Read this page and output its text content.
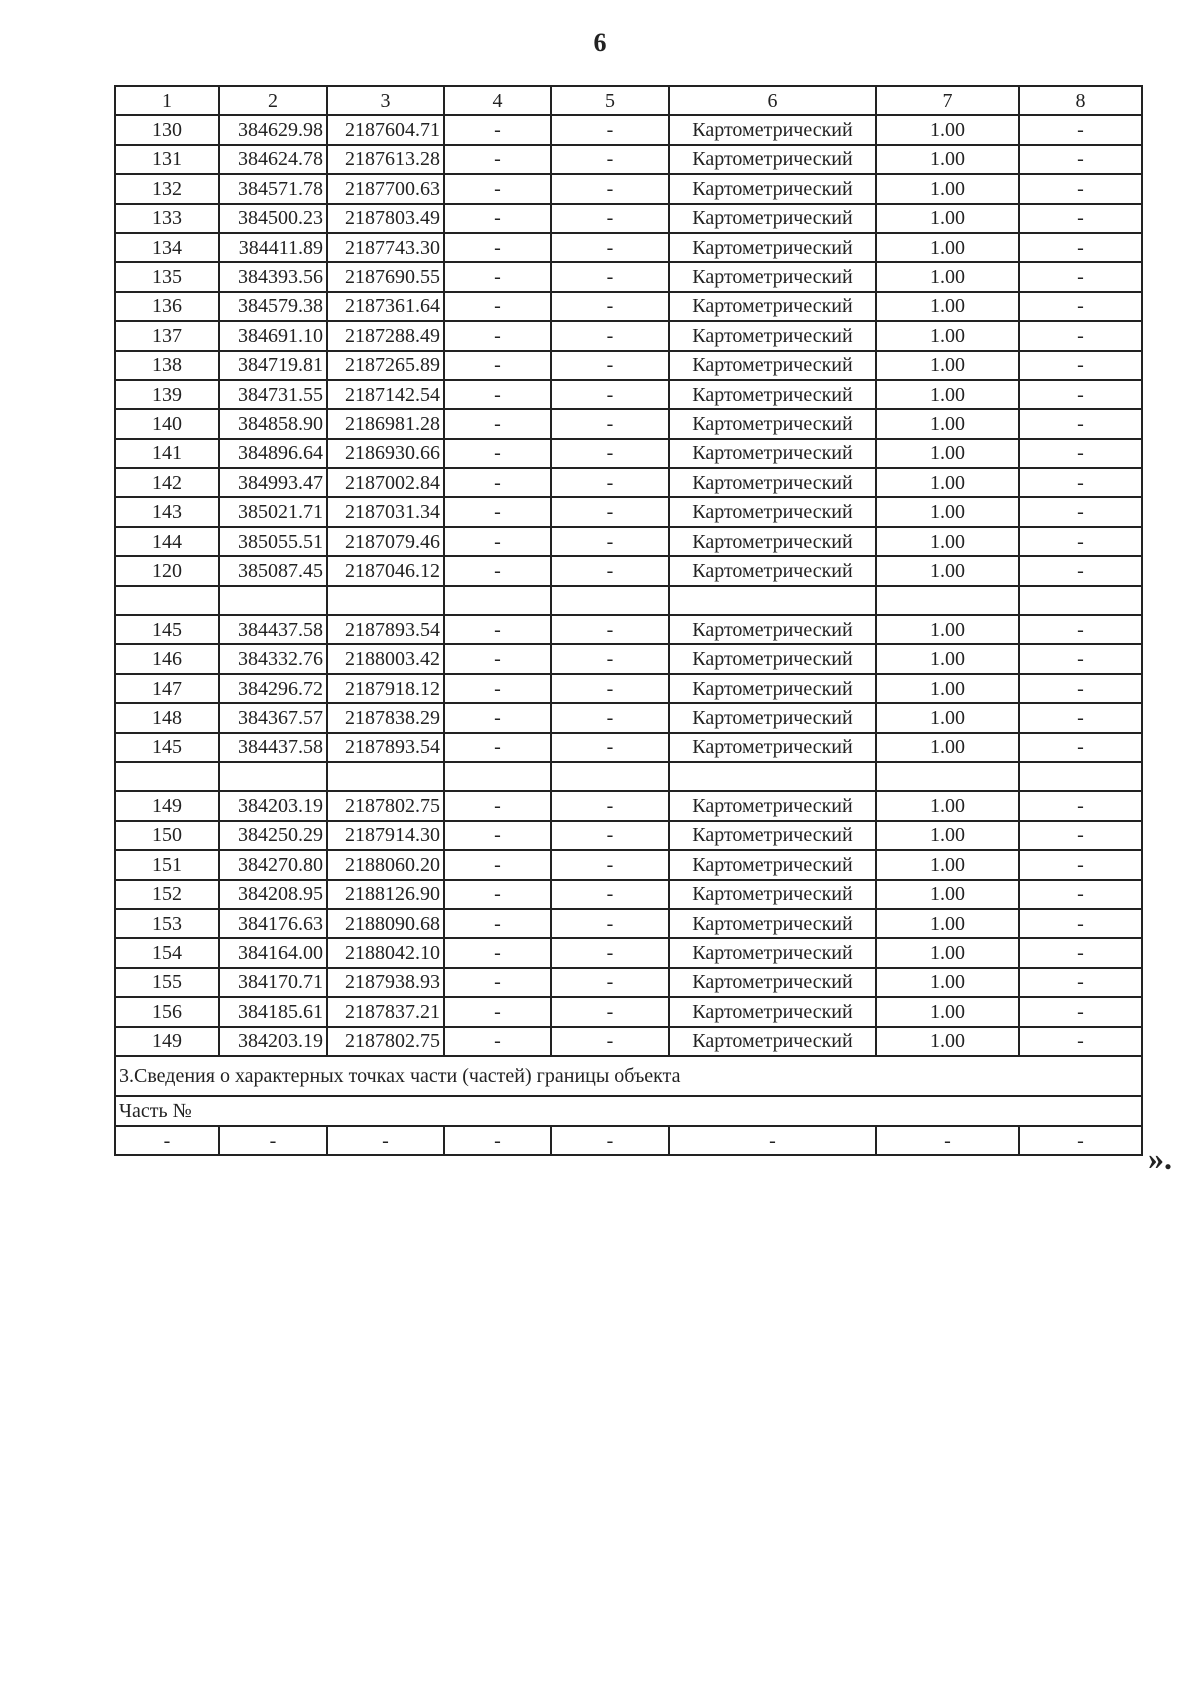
6
1	2	3	4	5	6	7	8
130	384629.98	2187604.71	-	-	Картометрический	1.00	-
131	384624.78	2187613.28	-	-	Картометрический	1.00	-
132	384571.78	2187700.63	-	-	Картометрический	1.00	-
133	384500.23	2187803.49	-	-	Картометрический	1.00	-
134	384411.89	2187743.30	-	-	Картометрический	1.00	-
135	384393.56	2187690.55	-	-	Картометрический	1.00	-
136	384579.38	2187361.64	-	-	Картометрический	1.00	-
137	384691.10	2187288.49	-	-	Картометрический	1.00	-
138	384719.81	2187265.89	-	-	Картометрический	1.00	-
139	384731.55	2187142.54	-	-	Картометрический	1.00	-
140	384858.90	2186981.28	-	-	Картометрический	1.00	-
141	384896.64	2186930.66	-	-	Картометрический	1.00	-
142	384993.47	2187002.84	-	-	Картометрический	1.00	-
143	385021.71	2187031.34	-	-	Картометрический	1.00	-
144	385055.51	2187079.46	-	-	Картометрический	1.00	-
120	385087.45	2187046.12	-	-	Картометрический	1.00	-

145	384437.58	2187893.54	-	-	Картометрический	1.00	-
146	384332.76	2188003.42	-	-	Картометрический	1.00	-
147	384296.72	2187918.12	-	-	Картометрический	1.00	-
148	384367.57	2187838.29	-	-	Картометрический	1.00	-
145	384437.58	2187893.54	-	-	Картометрический	1.00	-

149	384203.19	2187802.75	-	-	Картометрический	1.00	-
150	384250.29	2187914.30	-	-	Картометрический	1.00	-
151	384270.80	2188060.20	-	-	Картометрический	1.00	-
152	384208.95	2188126.90	-	-	Картометрический	1.00	-
153	384176.63	2188090.68	-	-	Картометрический	1.00	-
154	384164.00	2188042.10	-	-	Картометрический	1.00	-
155	384170.71	2187938.93	-	-	Картометрический	1.00	-
156	384185.61	2187837.21	-	-	Картометрический	1.00	-
149	384203.19	2187802.75	-	-	Картометрический	1.00	-
3.Сведения о характерных точках части (частей) границы объекта							
Часть №							
-	-	-	-	-	-	-	- ».
